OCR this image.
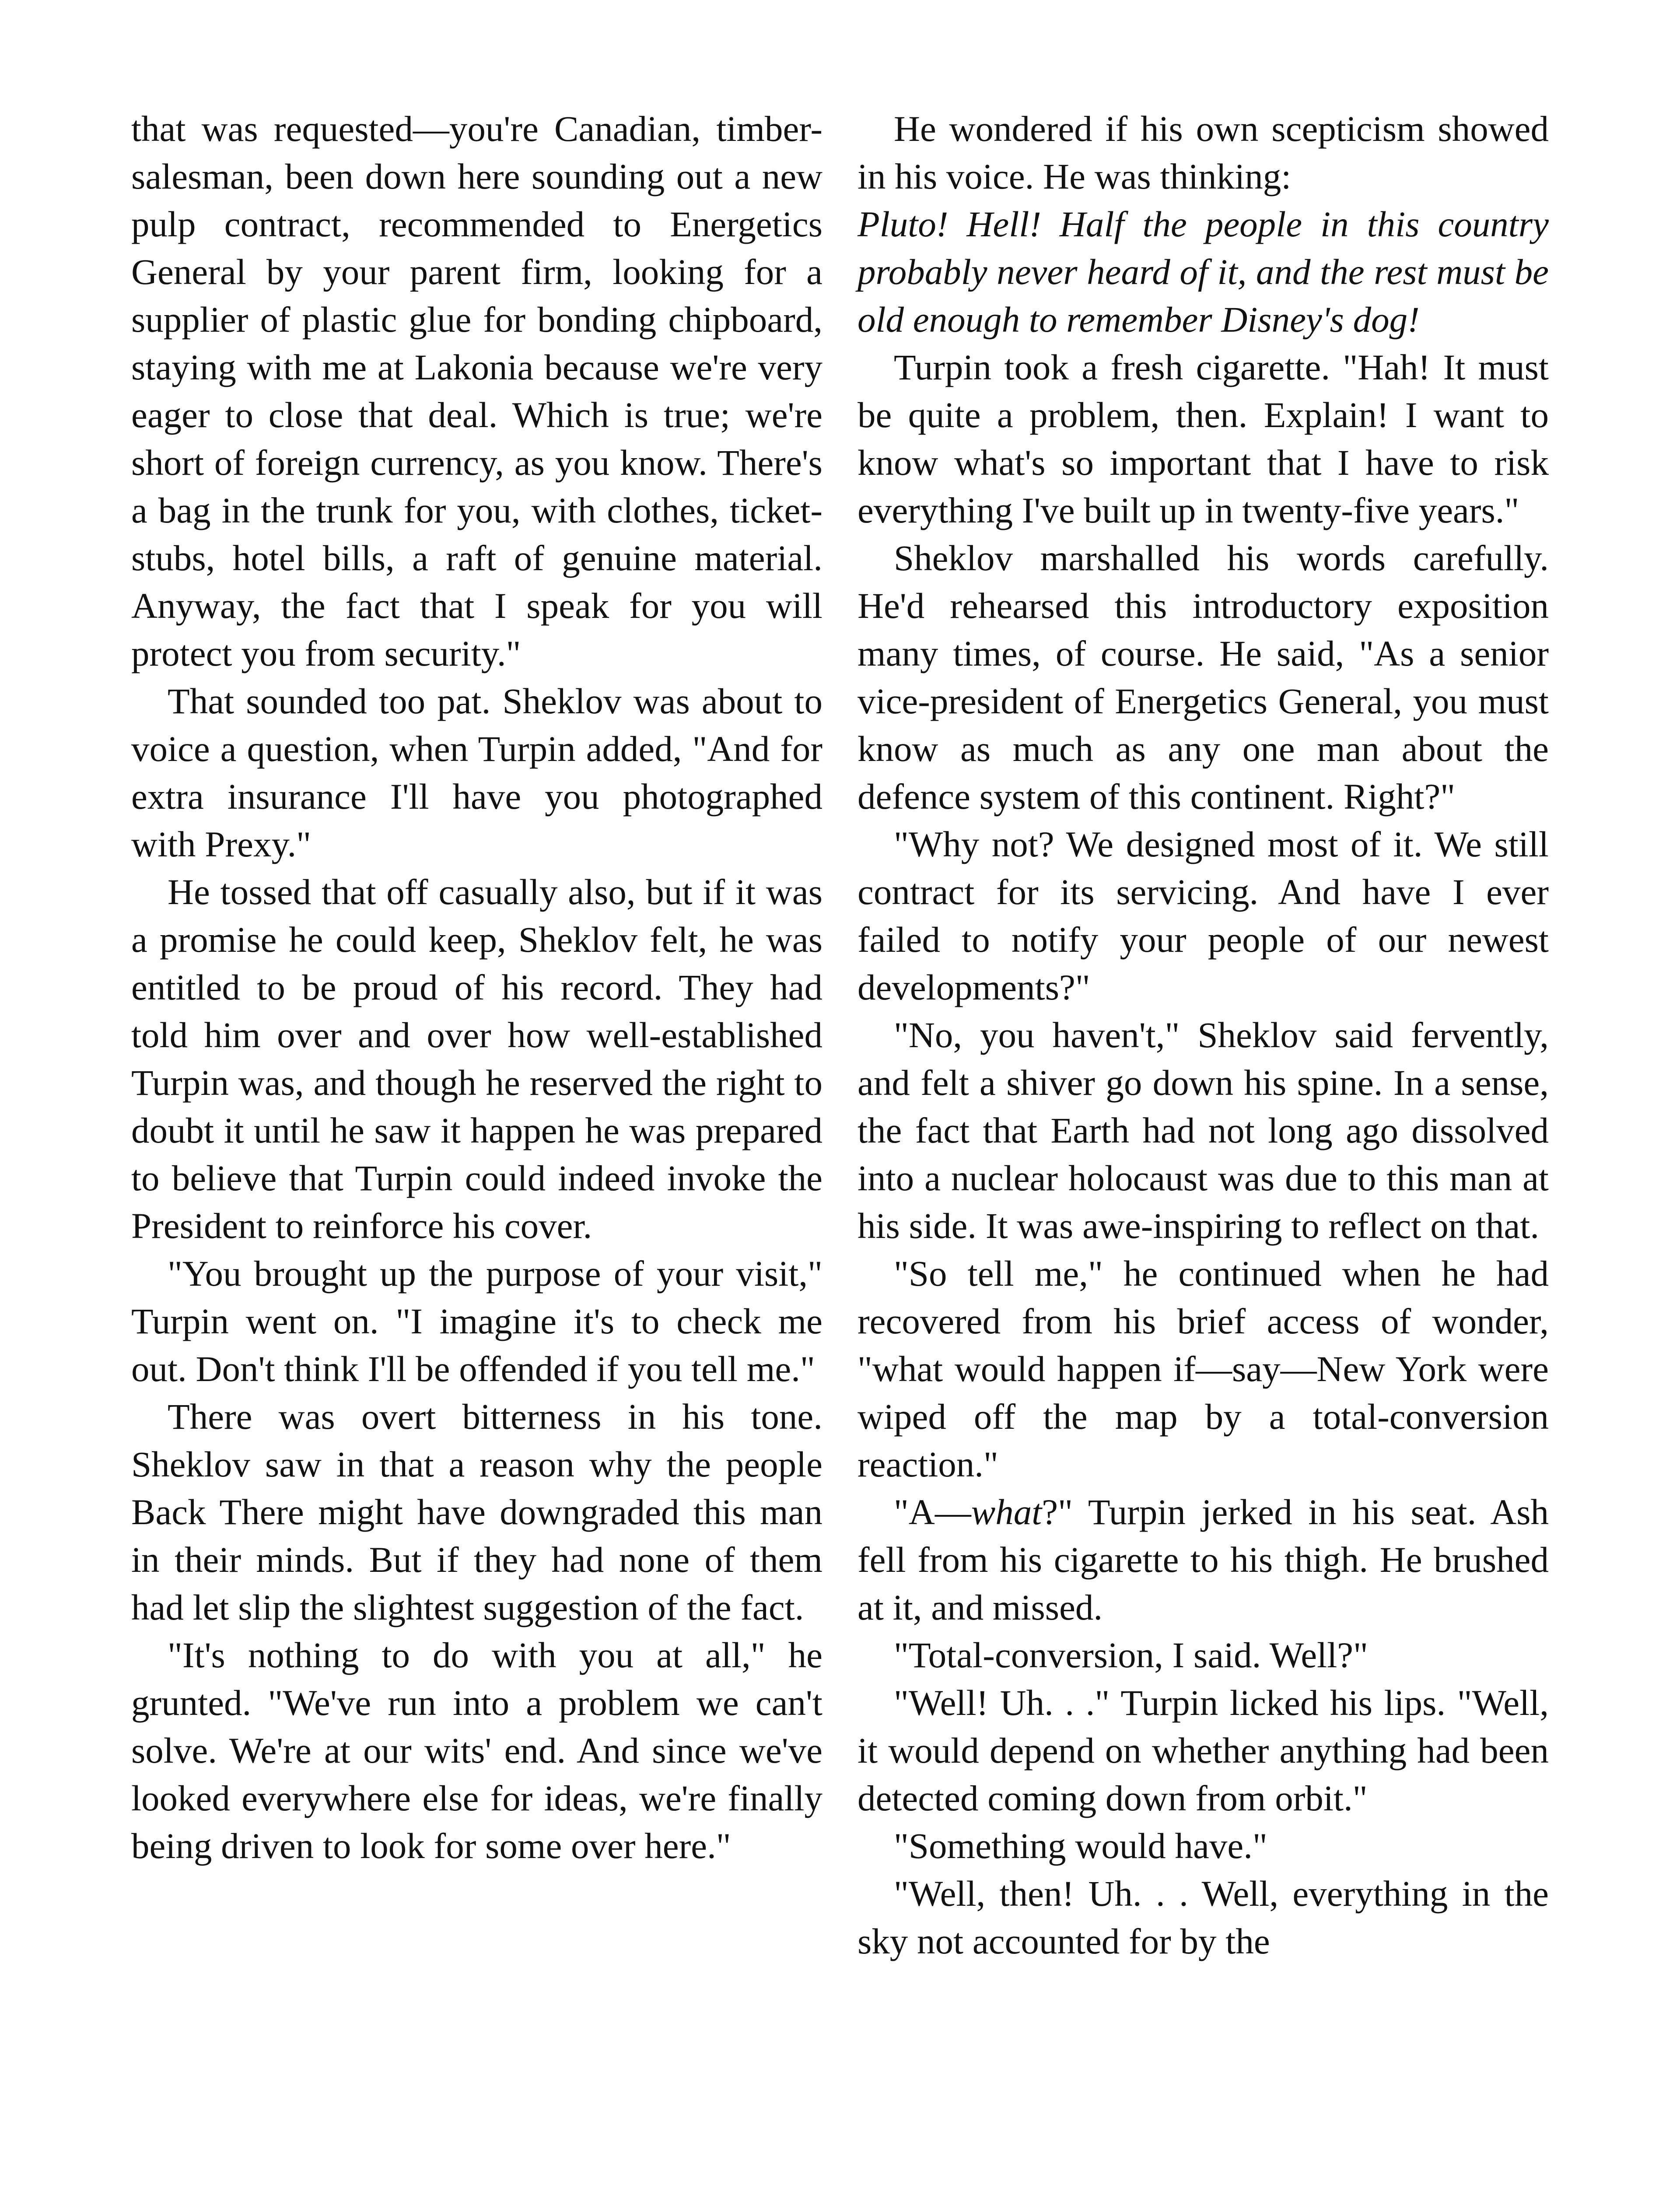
that was requested—you're Canadian, timber-salesman, been down here sounding out a new pulp contract, recommended to Energetics General by your parent firm, looking for a supplier of plastic glue for bonding chipboard, staying with me at Lakonia because we're very eager to close that deal. Which is true; we're short of foreign currency, as you know. There's a bag in the trunk for you, with clothes, ticket-stubs, hotel bills, a raft of genuine material. Anyway, the fact that I speak for you will protect you from security."

That sounded too pat. Sheklov was about to voice a question, when Turpin added, "And for extra insurance I'll have you photographed with Prexy."

He tossed that off casually also, but if it was a promise he could keep, Sheklov felt, he was entitled to be proud of his record. They had told him over and over how well-established Turpin was, and though he reserved the right to doubt it until he saw it happen he was prepared to believe that Turpin could indeed invoke the President to reinforce his cover.

"You brought up the purpose of your visit," Turpin went on. "I imagine it's to check me out. Don't think I'll be offended if you tell me."

There was overt bitterness in his tone. Sheklov saw in that a reason why the people Back There might have downgraded this man in their minds. But if they had none of them had let slip the slightest suggestion of the fact.

"It's nothing to do with you at all," he grunted. "We've run into a problem we can't solve. We're at our wits' end. And since we've looked everywhere else for ideas, we're finally being driven to look for some over here."

He wondered if his own scepticism showed in his voice. He was thinking:

Pluto! Hell! Half the people in this country probably never heard of it, and the rest must be old enough to remember Disney's dog!

Turpin took a fresh cigarette. "Hah! It must be quite a problem, then. Explain! I want to know what's so important that I have to risk everything I've built up in twenty-five years."

Sheklov marshalled his words carefully. He'd rehearsed this introductory exposition many times, of course. He said, "As a senior vice-president of Energetics General, you must know as much as any one man about the defence system of this continent. Right?"

"Why not? We designed most of it. We still contract for its servicing. And have I ever failed to notify your people of our newest developments?"

"No, you haven't," Sheklov said fervently, and felt a shiver go down his spine. In a sense, the fact that Earth had not long ago dissolved into a nuclear holocaust was due to this man at his side. It was awe-inspiring to reflect on that.

"So tell me," he continued when he had recovered from his brief access of wonder, "what would happen if—say—New York were wiped off the map by a total-conversion reaction."

"A—what?" Turpin jerked in his seat. Ash fell from his cigarette to his thigh. He brushed at it, and missed.

"Total-conversion, I said. Well?"

"Well! Uh. . ." Turpin licked his lips. "Well, it would depend on whether anything had been detected coming down from orbit."

"Something would have."

"Well, then! Uh. . . Well, everything in the sky not accounted for by the
